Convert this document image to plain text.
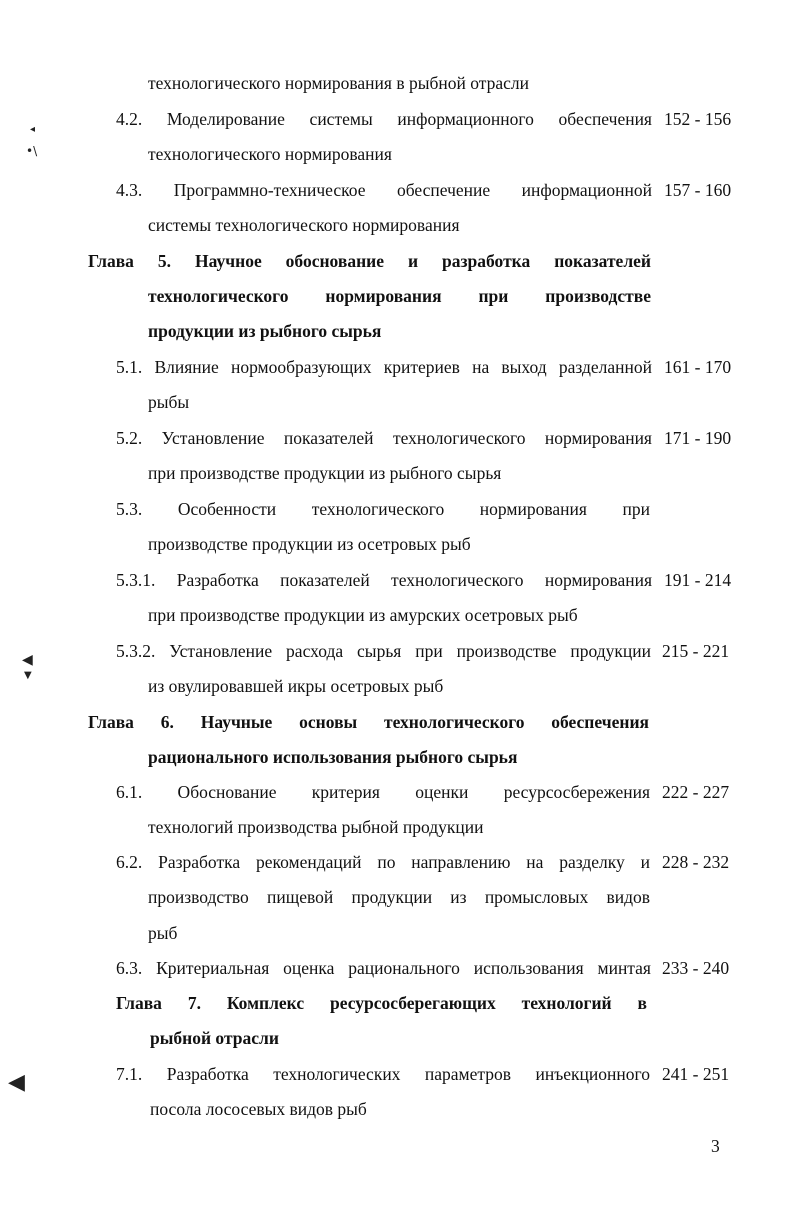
технологического нормирования в рыбной отрасли
4.2. Моделирование системы информационного обеспечения 152 - 156
технологического нормирования
4.3. Программно-техническое обеспечение информационной 157 - 160
системы технологического нормирования
Глава 5. Научное обоснование и разработка показателей
технологического нормирования при производстве
продукции из рыбного сырья
5.1. Влияние нормообразующих критериев на выход разделанной 161 - 170
рыбы
5.2. Установление показателей технологического нормирования 171 - 190
при производстве продукции из рыбного сырья
5.3. Особенности технологического нормирования при
производстве продукции из осетровых рыб
5.3.1. Разработка показателей технологического нормирования 191 - 214
при производстве продукции из амурских осетровых рыб
5.3.2. Установление расхода сырья при производстве продукции 215 - 221
из овулировавшей икры осетровых рыб
Глава 6. Научные основы технологического обеспечения
рационального использования рыбного сырья
6.1. Обоснование критерия оценки ресурсосбережения 222 - 227
технологий производства рыбной продукции
6.2. Разработка рекомендаций по направлению на разделку и 228 - 232
производство пищевой продукции из промысловых видов
рыб
6.3. Критериальная оценка рационального использования минтая 233 - 240
Глава 7. Комплекс ресурсосберегающих технологий в
рыбной отрасли
7.1. Разработка технологических параметров инъекционного 241 - 251
посола лососевых видов рыб
3
◂
•\
◀
▼
◀
